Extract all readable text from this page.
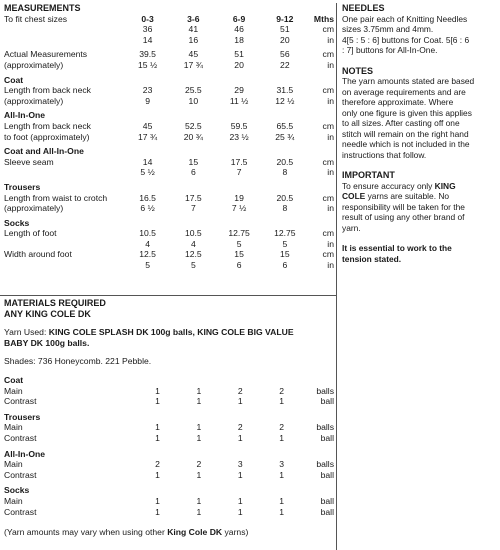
MEASUREMENTS
To fit chest sizes	0-3	3-6	6-9	9-12	Mths
36	41	46	51	cm
14	16	18	20	in
Actual Measurements	39.5	45	51	56	cm
(approximately)	15 ½	17 ¾	20	22	in
Coat
Length from back neck	23	25.5	29	31.5	cm
(approximately)	9	10	11 ½	12 ½	in
All-In-One
Length from back neck	45	52.5	59.5	65.5	cm
to foot (approximately)	17 ¾	20 ¾	23 ½	25 ¾	in
Coat and All-In-One
Sleeve seam	14	15	17.5	20.5	cm
5 ½	6	7	8	in
Trousers
Length from waist to crotch	16.5	17.5	19	20.5	cm
(approximately)	6 ½	7	7 ½	8	in
Socks
Length of foot	10.5	10.5	12.75	12.75	cm
4	4	5	5	in
Width around foot	12.5	12.5	15	15	cm
5	5	6	6	in

MATERIALS REQUIRED

ANY KING COLE DK

Yarn Used: KING COLE SPLASH DK 100g balls, KING COLE BIG VALUE

BABY DK 100g balls.

Shades: 736 Honeycomb. 221 Pebble.

Coat
Main	1	1	2	2	balls
Contrast	1	1	1	1	ball
Trousers
Main	1	1	2	2	balls
Contrast	1	1	1	1	ball
All-In-One
Main	2	2	3	3	balls
Contrast	1	1	1	1	ball
Socks
Main	1	1	1	1	ball
Contrast	1	1	1	1	ball

(Yarn amounts may vary when using other King Cole DK yarns)

NEEDLES

One pair each of Knitting Needles

sizes 3.75mm and 4mm.

4[5 : 5 : 6] buttons for Coat. 5[6 : 6

: 7] buttons for All-In-One.

NOTES

The yarn amounts stated are based

on average requirements and are

therefore approximate. Where

only one figure is given this applies

to all sizes. After casting off one

stitch will remain on the right hand

needle which is not included in the

instructions that follow.

IMPORTANT

To ensure accuracy only KING

COLE yarns are suitable. No

responsibility will be taken for the

result of using any other brand of

yarn.

It is essential to work to the

tension stated.
